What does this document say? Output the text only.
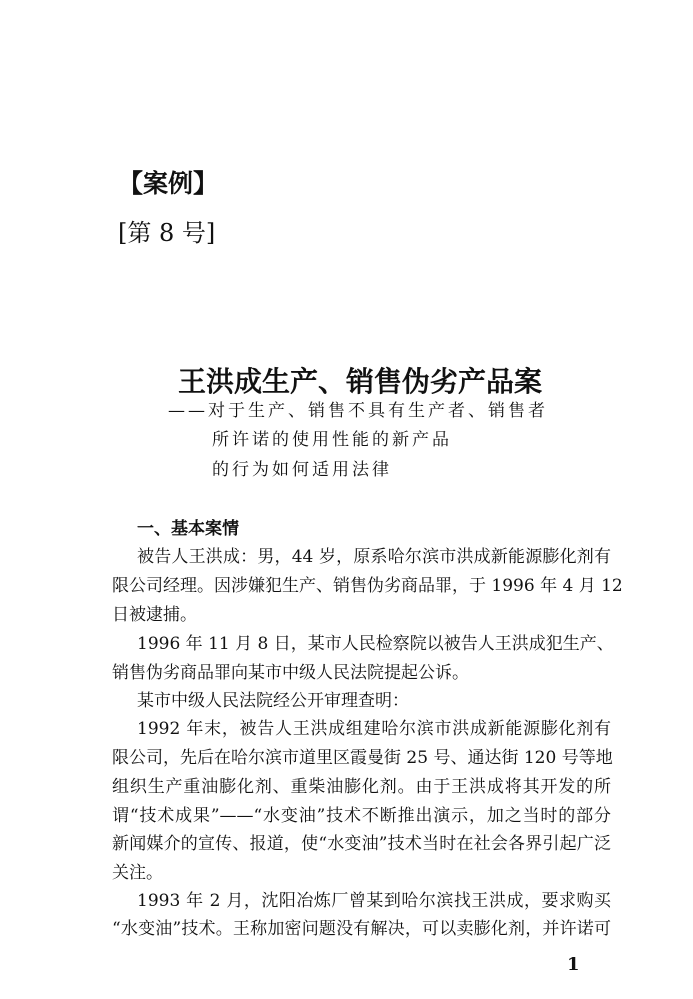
【案例】
[第 8 号]
王洪成生产、销售伪劣产品案
——对于生产、销售不具有生产者、销售者
所许诺的使用性能的新产品
的行为如何适用法律
一、基本案情
被告人王洪成：男，44 岁，原系哈尔滨市洪成新能源膨化剂有
限公司经理。因涉嫌犯生产、销售伪劣商品罪，于 1996 年 4 月 12
日被逮捕。
1996 年 11 月 8 日，某市人民检察院以被告人王洪成犯生产、
销售伪劣商品罪向某市中级人民法院提起公诉。
某市中级人民法院经公开审理查明：
1992 年末，被告人王洪成组建哈尔滨市洪成新能源膨化剂有
限公司，先后在哈尔滨市道里区霞曼街 25 号、通达街 120 号等地
组织生产重油膨化剂、重柴油膨化剂。由于王洪成将其开发的所
谓“技术成果”——“水变油”技术不断推出演示，加之当时的部分
新闻媒介的宣传、报道，使“水变油”技术当时在社会各界引起广泛
关注。
1993 年 2 月，沈阳冶炼厂曾某到哈尔滨找王洪成，要求购买
“水变油”技术。王称加密问题没有解决，可以卖膨化剂，并许诺可
1
